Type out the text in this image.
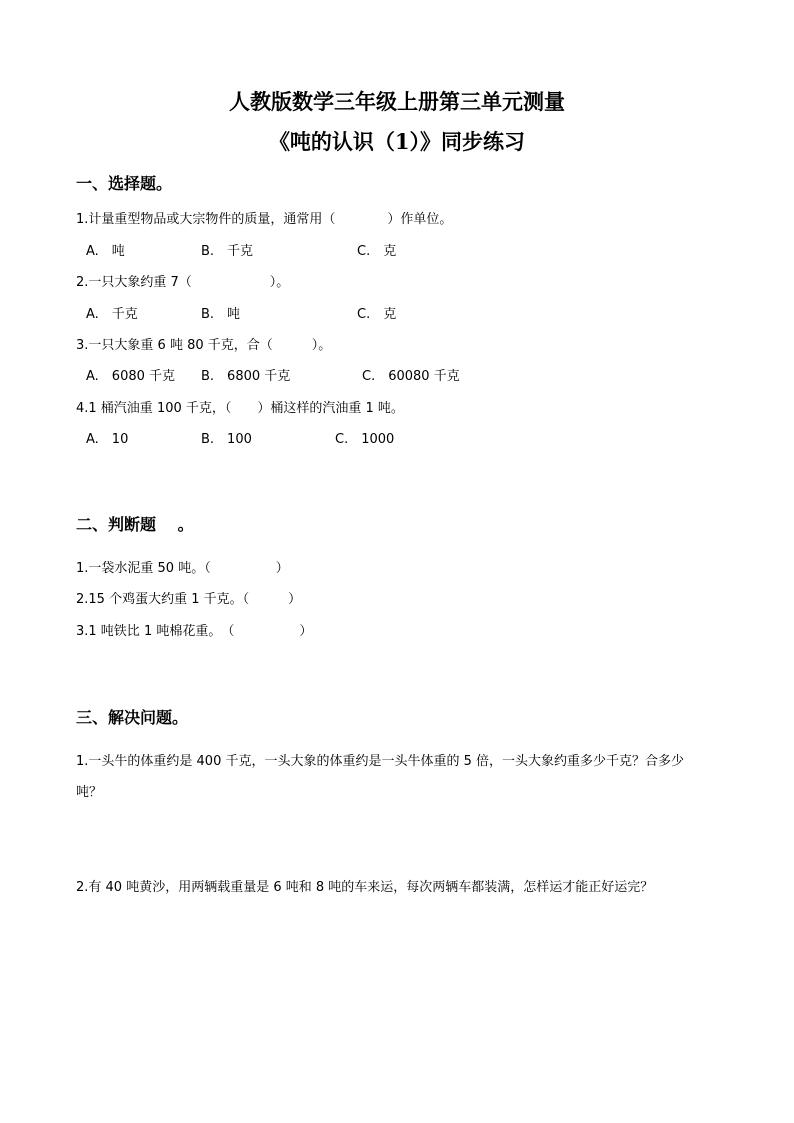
人教版数学三年级上册第三单元测量
《吨的认识（1）》同步练习
一、选择题。
1.计量重型物品或大宗物件的质量，通常用（　　　　）作单位。
A.　吨	B.　千克	C.　克
2.一只大象约重 7（　　　　　　）。
A.　千克	B.　吨	C.　克
3.一只大象重 6 吨 80 千克，合（　　　）。
A.　6080 千克 B.　6800 千克	C.　60080 千克
4.1 桶汽油重 100 千克，（　　）桶这样的汽油重 1 吨。
A.　10	B.　100	C.　1000
二、判断题 　。
1.一袋水泥重 50 吨。（　　　　　）
2.15 个鸡蛋大约重 1 千克。（　　　）
3.1 吨铁比 1 吨棉花重。　（　　　　　）
三、解决问题。
1.一头牛的体重约是 400 千克，一头大象的体重约是一头牛体重的 5 倍，一头大象约重多少千克？合多少
吨？
2.有 40 吨黄沙，用两辆载重量是 6 吨和 8 吨的车来运，每次两辆车都装满，怎样运才能正好运完？
